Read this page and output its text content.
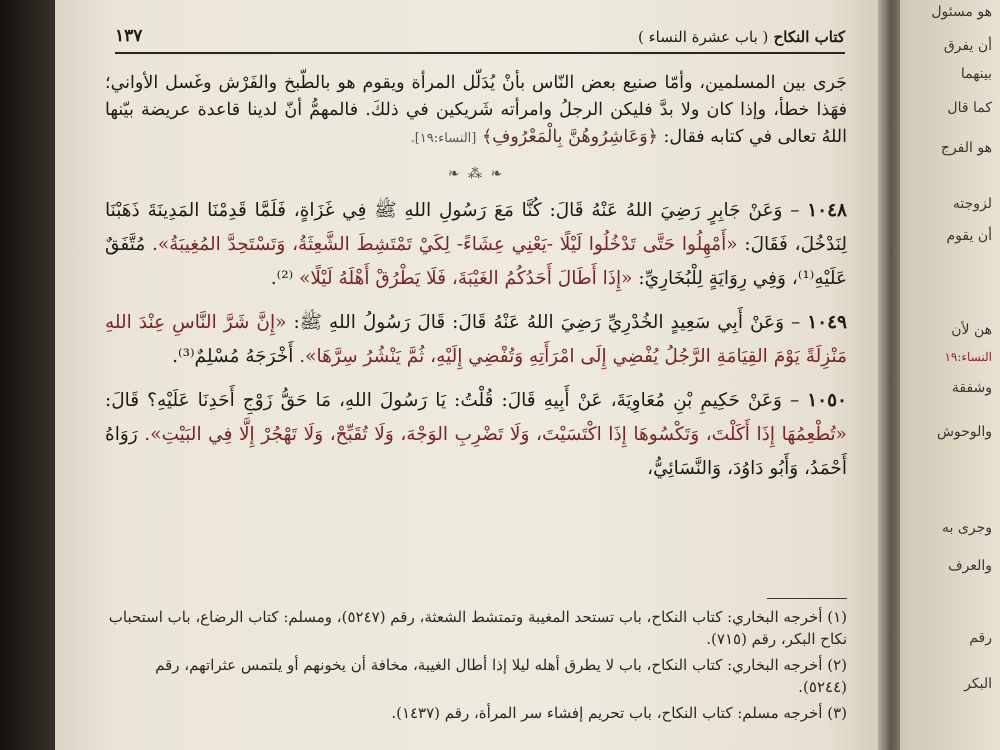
كتاب النكاح ( باب عشرة النساء )
١٣٧

جَرى بين المسلمين، وأمّا صنيع بعض النّاس بأنْ يُدَلّل المرأة ويقوم هو بالطّبخ والفَرْش وغَسل الأواني؛ فهَذا خطأ، وإذا كان ولا بدَّ فليكن الرجلُ وامرأته شَريكين في ذلكَ. فالمهمُّ أنّ لدينا قاعدة عريضة بيّنها اللهُ تعالى في كتابه فقال: ﴿وَعَاشِرُوهُنَّ بِالْمَعْرُوفِ﴾ [النساء:١٩].

❧ ⁂ ❧

١٠٤٨ – وَعَنْ جَابِرٍ رَضِيَ اللهُ عَنْهُ قَالَ: كُنَّا مَعَ رَسُولِ اللهِ ﷺ فِي غَزَاةٍ، فَلَمَّا قَدِمْنَا المَدِينَةَ ذَهَبْنَا لِنَدْخُلَ، فَقَالَ: «أَمْهِلُوا حَتَّى تَدْخُلُوا لَيْلًا -يَعْنِي عِشَاءً- لِكَيْ تَمْتَشِطَ الشَّعِثَةُ، وَتَسْتَحِدَّ المُغِيبَةُ». مُتَّفَقٌ عَلَيْهِ⁽¹⁾، وَفِي رِوَايَةٍ لِلْبُخَارِيِّ: «إِذَا أَطَالَ أَحَدُكُمُ الغَيْبَةَ، فَلَا يَطْرُقْ أَهْلَهُ لَيْلًا» ⁽²⁾.

١٠٤٩ – وَعَنْ أَبِي سَعِيدٍ الخُدْرِيِّ رَضِيَ اللهُ عَنْهُ قَالَ: قَالَ رَسُولُ اللهِ ﷺ: «إِنَّ شَرَّ النَّاسِ عِنْدَ اللهِ مَنْزِلَةً يَوْمَ القِيَامَةِ الرَّجُلُ يُفْضِي إِلَى امْرَأَتِهِ وَتُفْضِي إِلَيْهِ، ثُمَّ يَنْشُرُ سِرَّهَا». أَخْرَجَهُ مُسْلِمٌ⁽³⁾.

١٠٥٠ – وَعَنْ حَكِيمِ بْنِ مُعَاوِيَةَ، عَنْ أَبِيهِ قَالَ: قُلْتُ: يَا رَسُولَ اللهِ، مَا حَقُّ زَوْجِ أَحَدِنَا عَلَيْهِ؟ قَالَ: «تُطْعِمُهَا إِذَا أَكَلْتَ، وَتَكْسُوهَا إِذَا اكْتَسَيْتَ، وَلَا تَضْرِبِ الوَجْهَ، وَلَا تُقَبِّحْ، وَلَا تَهْجُرْ إِلَّا فِي البَيْتِ». رَوَاهُ أَحْمَدُ، وَأَبُو دَاوُدَ، وَالنَّسَائِيُّ،

(١) أخرجه البخاري: كتاب النكاح، باب تستحد المغيبة وتمتشط الشعثة، رقم (٥٢٤٧)، ومسلم: كتاب الرضاع، باب استحباب نكاح البكر، رقم (٧١٥).
(٢) أخرجه البخاري: كتاب النكاح، باب لا يطرق أهله ليلا إذا أطال الغيبة، مخافة أن يخونهم أو يلتمس عثراتهم، رقم (٥٢٤٤).
(٣) أخرجه مسلم: كتاب النكاح، باب تحريم إفشاء سر المرأة، رقم (١٤٣٧).
هو مسئول
أن يفرق
بينهما
كما قال
هو الفرج
لزوجته
أن يقوم
هن لأن
النساء:١٩
وشفقة
والوحوش
وجرى به
والعرف
رقم
البكر
